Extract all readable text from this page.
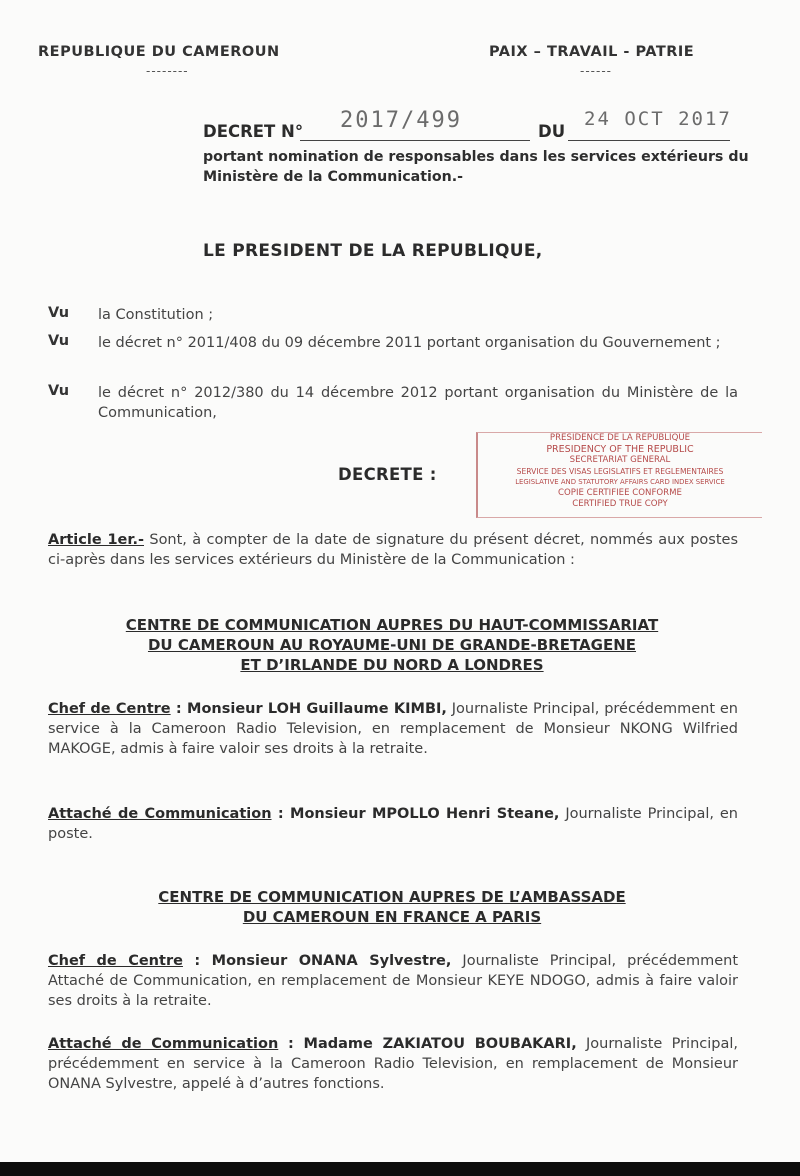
REPUBLIQUE DU CAMEROUN
--------
PAIX – TRAVAIL - PATRIE
------
DECRET N° 2017/499	DU
24 OCT 2017
portant nomination de responsables dans les services extérieurs du Ministère de la Communication.-
LE PRESIDENT DE LA REPUBLIQUE,
Vu la Constitution ;
Vu le décret n° 2011/408 du 09 décembre 2011 portant organisation du Gouvernement ;
Vu le décret n° 2012/380 du 14 décembre 2012 portant organisation du Ministère de la Communication,
PRESIDENCE DE LA REPUBLIQUE
PRESIDENCY OF THE REPUBLIC
SECRETARIAT GENERAL
SERVICE DES VISAS LEGISLATIFS ET REGLEMENTAIRES
LEGISLATIVE AND STATUTORY AFFAIRS CARD INDEX SERVICE
COPIE CERTIFIEE CONFORME
CERTIFIED TRUE COPY
DECRETE :
Article 1er.- Sont, à compter de la date de signature du présent décret, nommés aux postes ci-après dans les services extérieurs du Ministère de la Communication :
CENTRE DE COMMUNICATION AUPRES DU HAUT-COMMISSARIAT
DU CAMEROUN AU ROYAUME-UNI DE GRANDE-BRETAGENE
ET D’IRLANDE DU NORD A LONDRES
Chef de Centre : Monsieur LOH Guillaume KIMBI, Journaliste Principal, précédemment en service à la Cameroon Radio Television, en remplacement de Monsieur NKONG Wilfried MAKOGE, admis à faire valoir ses droits à la retraite.
Attaché de Communication : Monsieur MPOLLO Henri Steane, Journaliste Principal, en poste.
CENTRE DE COMMUNICATION AUPRES DE L’AMBASSADE
DU CAMEROUN EN FRANCE A PARIS
Chef de Centre : Monsieur ONANA Sylvestre, Journaliste Principal, précédemment Attaché de Communication, en remplacement de Monsieur KEYE NDOGO, admis à faire valoir ses droits à la retraite.
Attaché de Communication : Madame ZAKIATOU BOUBAKARI, Journaliste Principal, précédemment en service à la Cameroon Radio Television, en remplacement de Monsieur ONANA Sylvestre, appelé à d’autres fonctions.
